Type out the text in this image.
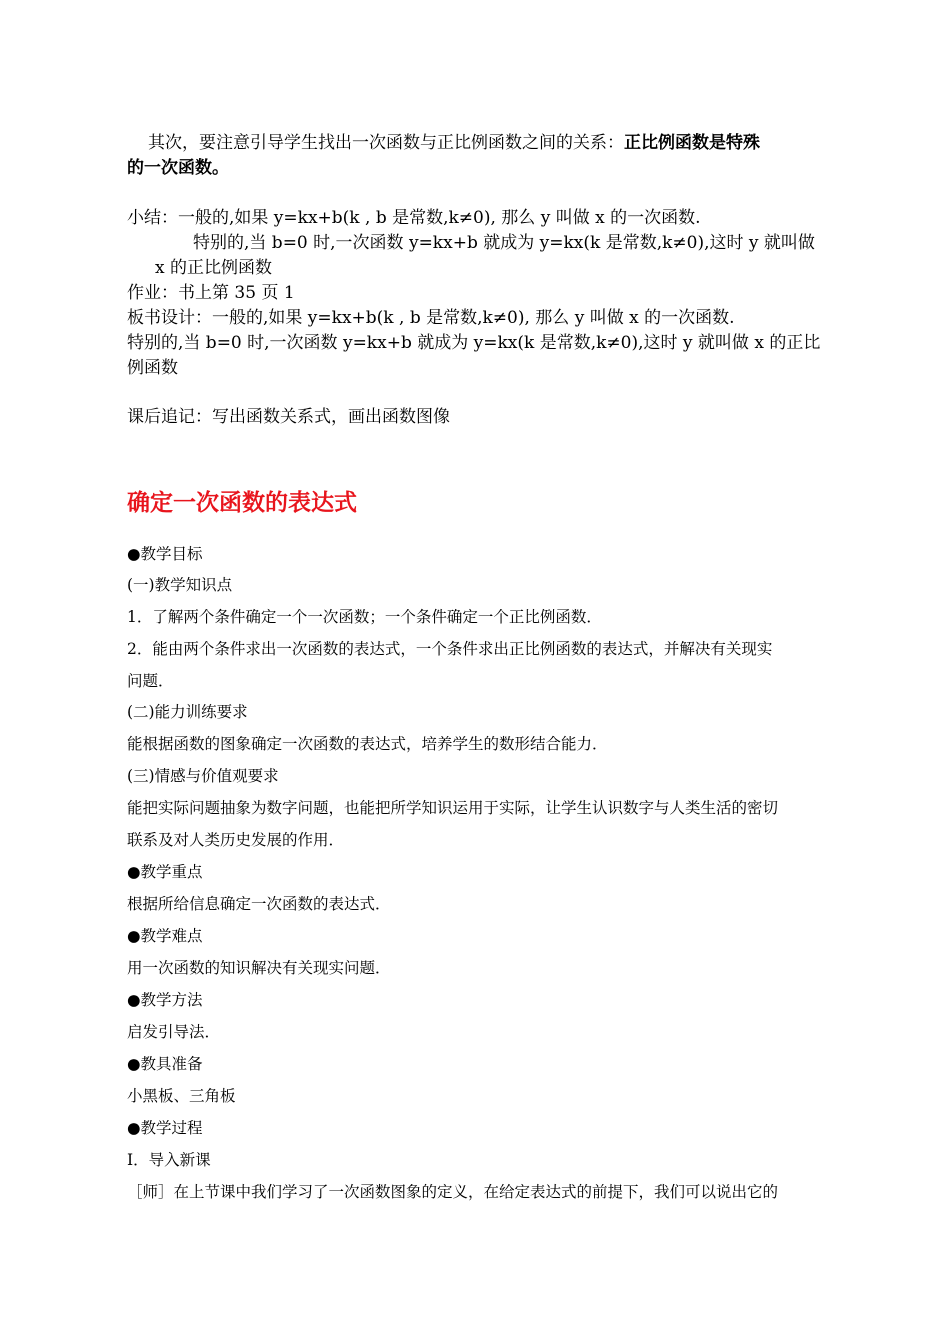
其次，要注意引导学生找出一次函数与正比例函数之间的关系：正比例函数是特殊
的一次函数。
小结：一般的,如果 y=kx+b(k , b 是常数,k≠0), 那么 y 叫做 x 的一次函数.
特别的,当 b=0 时,一次函数 y=kx+b 就成为 y=kx(k 是常数,k≠0),这时 y 就叫做
x 的正比例函数
作业：书上第 35 页 1
板书设计：一般的,如果 y=kx+b(k , b 是常数,k≠0), 那么 y 叫做 x 的一次函数.
特别的,当 b=0 时,一次函数 y=kx+b 就成为 y=kx(k 是常数,k≠0),这时 y 就叫做 x 的正比
例函数
课后追记：写出函数关系式，画出函数图像
确定一次函数的表达式
●教学目标
(一)教学知识点
1．了解两个条件确定一个一次函数；一个条件确定一个正比例函数．
2．能由两个条件求出一次函数的表达式，一个条件求出正比例函数的表达式，并解决有关现实
问题．
(二)能力训练要求
能根据函数的图象确定一次函数的表达式，培养学生的数形结合能力．
(三)情感与价值观要求
能把实际问题抽象为数字问题，也能把所学知识运用于实际，让学生认识数字与人类生活的密切
联系及对人类历史发展的作用．
●教学重点
根据所给信息确定一次函数的表达式．
●教学难点
用一次函数的知识解决有关现实问题．
●教学方法
启发引导法．
●教具准备
小黑板、三角板
●教学过程
Ⅰ．导入新课
［师］在上节课中我们学习了一次函数图象的定义，在给定表达式的前提下，我们可以说出它的
